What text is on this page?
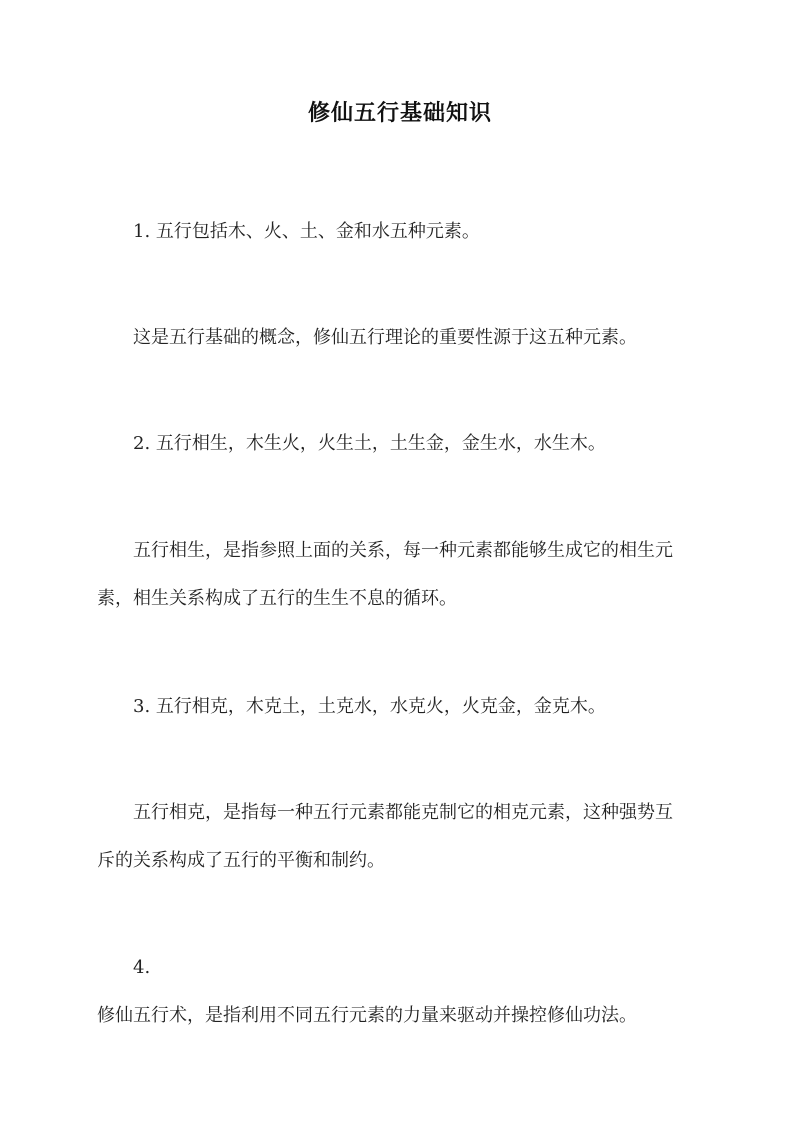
修仙五行基础知识
1. 五行包括木、火、土、金和水五种元素。
这是五行基础的概念，修仙五行理论的重要性源于这五种元素。
2. 五行相生，木生火，火生土，土生金，金生水，水生木。
五行相生，是指参照上面的关系，每一种元素都能够生成它的相生元
素，相生关系构成了五行的生生不息的循环。
3. 五行相克，木克土，土克水，水克火，火克金，金克木。
五行相克，是指每一种五行元素都能克制它的相克元素，这种强势互
斥的关系构成了五行的平衡和制约。
4.
修仙五行术，是指利用不同五行元素的力量来驱动并操控修仙功法。
